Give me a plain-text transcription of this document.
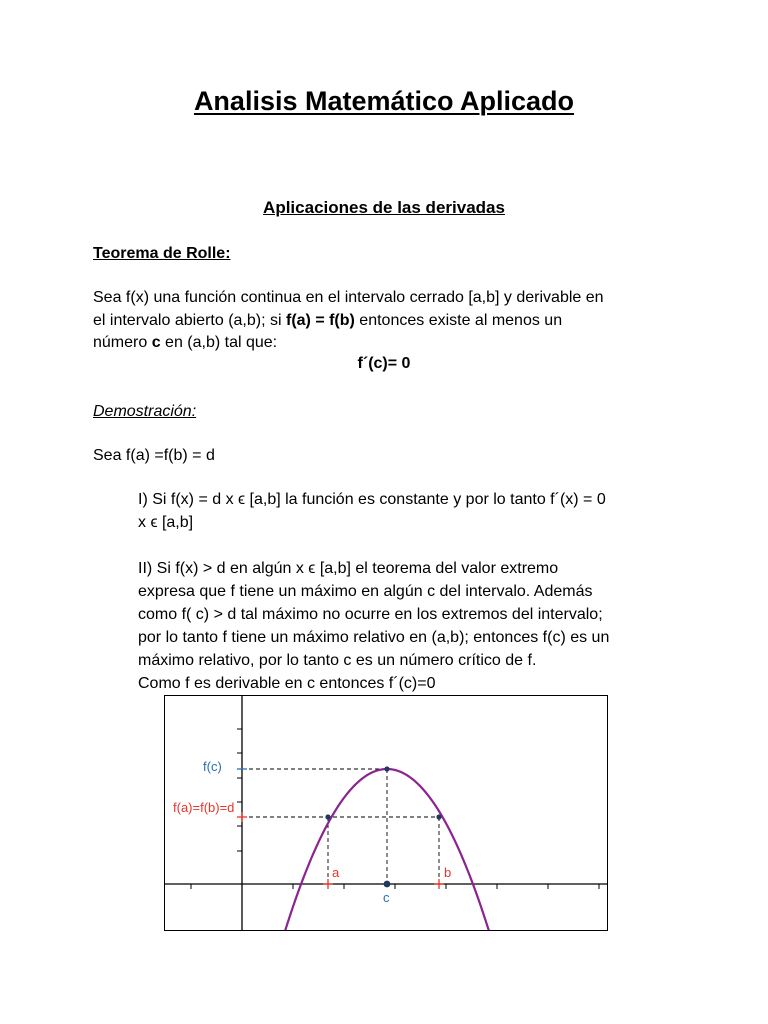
Analisis Matemático Aplicado
Aplicaciones de las derivadas
Teorema de Rolle:
Sea f(x) una función continua en el intervalo cerrado [a,b] y derivable en
el intervalo abierto (a,b); si f(a) = f(b) entonces existe al menos un
número c en (a,b) tal que:
f´(c)= 0
Demostración:
Sea f(a) =f(b) = d
I) Si f(x) = d x ϵ [a,b] la función es constante y por lo tanto f´(x) = 0
x ϵ [a,b]
II) Si f(x) > d en algún x ϵ [a,b] el teorema del valor extremo
expresa que f tiene un máximo en algún c del intervalo. Además
como f( c) > d tal máximo no ocurre en los extremos del intervalo;
por lo tanto f tiene un máximo relativo en (a,b); entonces f(c) es un
máximo relativo, por lo tanto c es un número crítico de f.
Como f es derivable en c entonces f´(c)=0
f(c)
f(a)=f(b)=d
a	b
c
